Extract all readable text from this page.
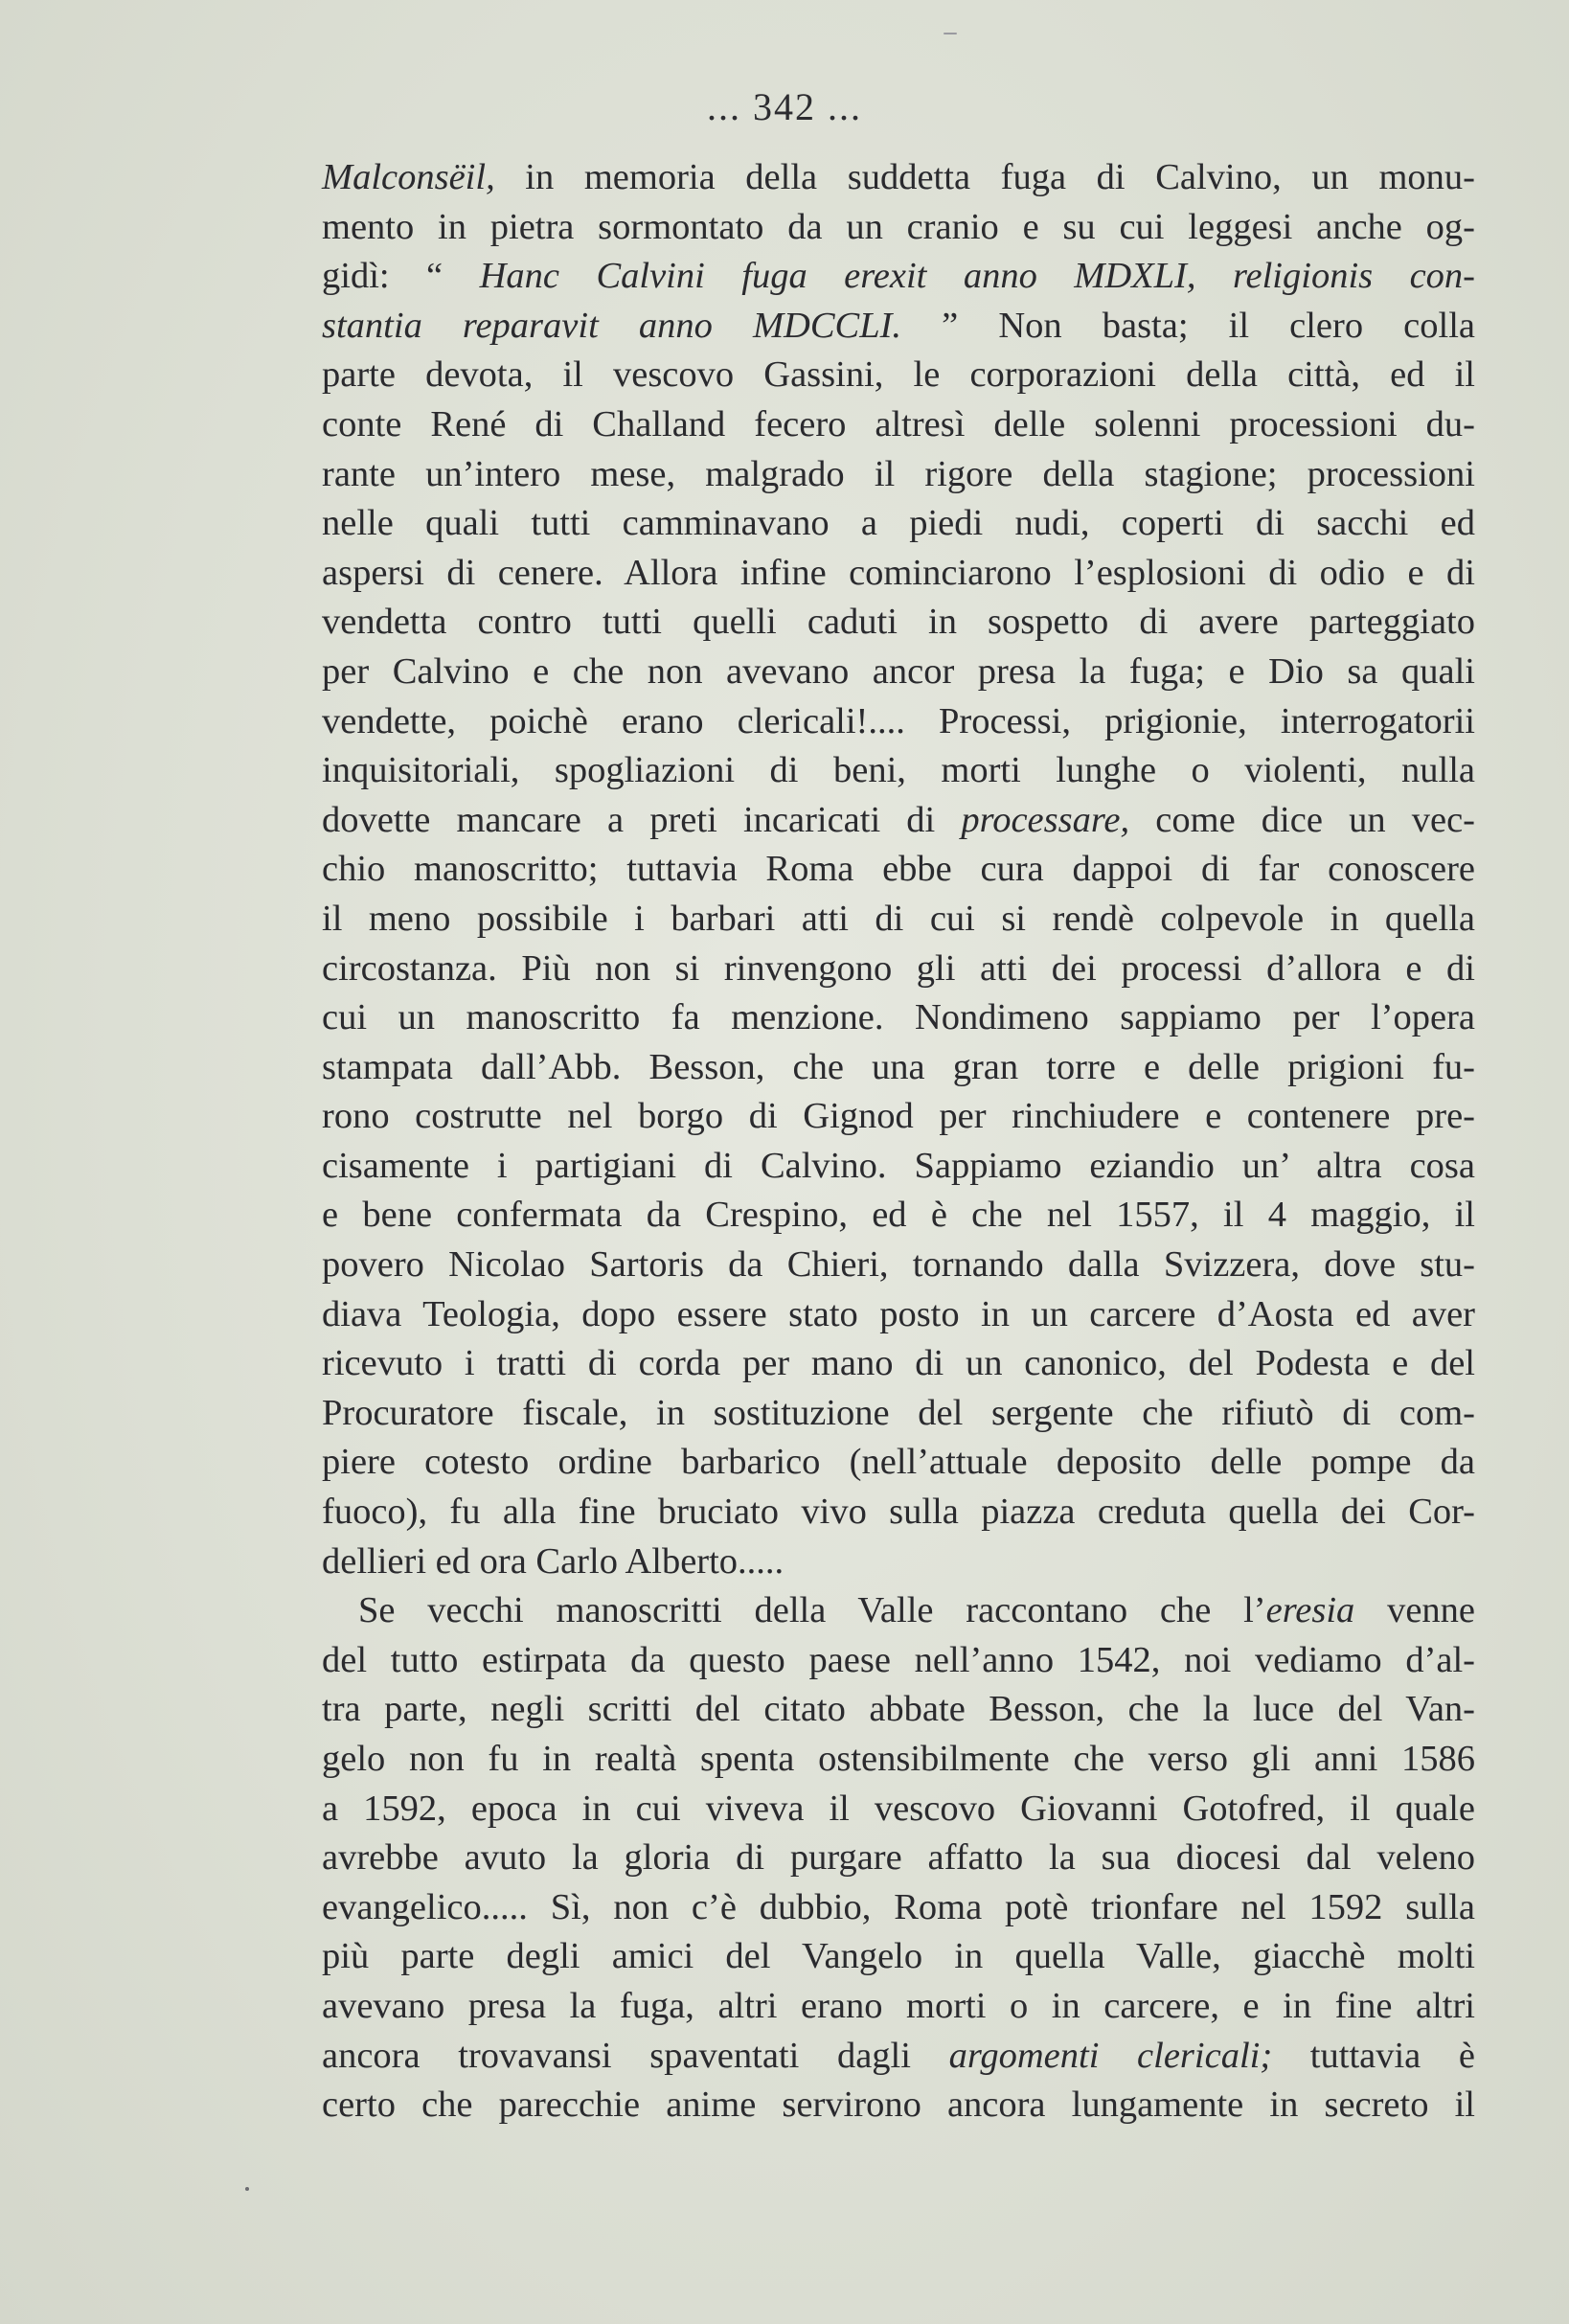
... 342 ...
Malconsëil, in memoria della suddetta fuga di Calvino, un monu-
mento in pietra sormontato da un cranio e su cui leggesi anche og-
gidì: “ Hanc Calvini fuga erexit anno MDXLI, religionis con-
stantia reparavit anno MDCCLI. ” Non basta; il clero colla
parte devota, il vescovo Gassini, le corporazioni della città, ed il
conte René di Challand fecero altresì delle solenni processioni du-
rante un’intero mese, malgrado il rigore della stagione; processioni
nelle quali tutti camminavano a piedi nudi, coperti di sacchi ed
aspersi di cenere. Allora infine cominciarono l’esplosioni di odio e di
vendetta contro tutti quelli caduti in sospetto di avere parteggiato
per Calvino e che non avevano ancor presa la fuga; e Dio sa quali
vendette, poichè erano clericali!.... Processi, prigionie, interrogatorii
inquisitoriali, spogliazioni di beni, morti lunghe o violenti, nulla
dovette mancare a preti incaricati di processare, come dice un vec-
chio manoscritto; tuttavia Roma ebbe cura dappoi di far conoscere
il meno possibile i barbari atti di cui si rendè colpevole in quella
circostanza. Più non si rinvengono gli atti dei processi d’allora e di
cui un manoscritto fa menzione. Nondimeno sappiamo per l’opera
stampata dall’Abb. Besson, che una gran torre e delle prigioni fu-
rono costrutte nel borgo di Gignod per rinchiudere e contenere pre-
cisamente i partigiani di Calvino. Sappiamo eziandio un’ altra cosa
e bene confermata da Crespino, ed è che nel 1557, il 4 maggio, il
povero Nicolao Sartoris da Chieri, tornando dalla Svizzera, dove stu-
diava Teologia, dopo essere stato posto in un carcere d’Aosta ed aver
ricevuto i tratti di corda per mano di un canonico, del Podesta e del
Procuratore fiscale, in sostituzione del sergente che rifiutò di com-
piere cotesto ordine barbarico (nell’attuale deposito delle pompe da
fuoco), fu alla fine bruciato vivo sulla piazza creduta quella dei Cor-
dellieri ed ora Carlo Alberto.....
Se vecchi manoscritti della Valle raccontano che l’eresia venne
del tutto estirpata da questo paese nell’anno 1542, noi vediamo d’al-
tra parte, negli scritti del citato abbate Besson, che la luce del Van-
gelo non fu in realtà spenta ostensibilmente che verso gli anni 1586
a 1592, epoca in cui viveva il vescovo Giovanni Gotofred, il quale
avrebbe avuto la gloria di purgare affatto la sua diocesi dal veleno
evangelico..... Sì, non c’è dubbio, Roma potè trionfare nel 1592 sulla
più parte degli amici del Vangelo in quella Valle, giacchè molti
avevano presa la fuga, altri erano morti o in carcere, e in fine altri
ancora trovavansi spaventati dagli argomenti clericali; tuttavia è
certo che parecchie anime servirono ancora lungamente in secreto il
